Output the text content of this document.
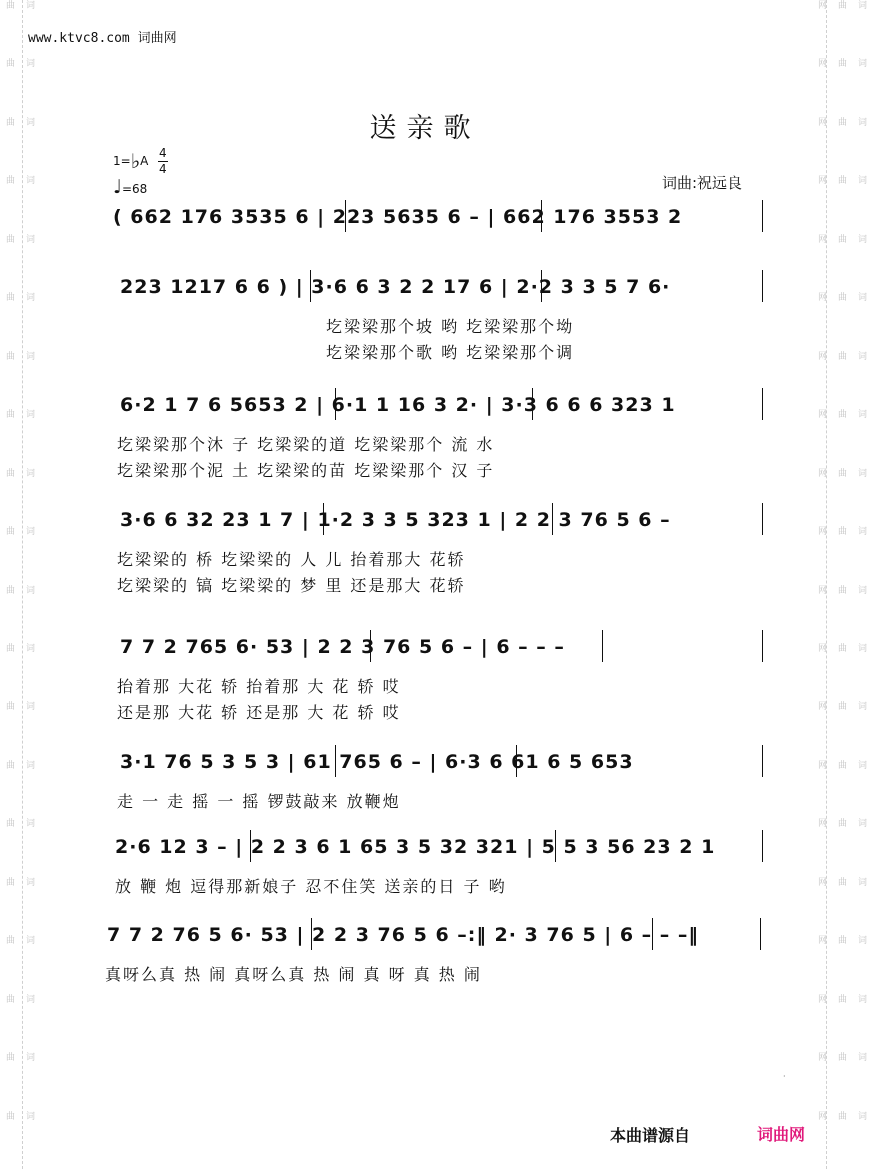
词曲
词曲
词曲
词曲
词曲
词曲
词曲
词曲
词曲
词曲
词曲
词曲
词曲
词曲
词曲
词曲
词曲
词曲
词曲
词曲
词曲网
词曲网
词曲网
词曲网
词曲网
词曲网
词曲网
词曲网
词曲网
词曲网
词曲网
词曲网
词曲网
词曲网
词曲网
词曲网
词曲网
词曲网
词曲网
词曲网
www.ktvc8.com 词曲网
送亲歌
1=♭A
4
4
♩=68	词曲:祝远良
( 662 176 3535 6 | 223 5635 6 – | 662 176 3553 2
223 1217 6 6 ) | 3·6 6 3 2 2 17 6 | 2·2 3 3 5 7 6·
圪梁梁那个坡 哟 圪梁梁那个坳
圪梁梁那个歌 哟 圪梁梁那个调
6·2 1 7 6 5653 2 | 6·1 1 16 3 2· | 3·3 6 6 6 323 1
圪梁梁那个沐 子 圪梁梁的道 圪梁梁那个 流 水
圪梁梁那个泥 土 圪梁梁的苗 圪梁梁那个 汉 子
3·6 6 32 23 1 7 | 1·2 3 3 5 323 1 | 2 2 3 76 5 6 –
圪梁梁的 桥 圪梁梁的 人 儿 抬着那大 花轿
圪梁梁的 镐 圪梁梁的 梦 里 还是那大 花轿
7 7 2 765 6· 53 | 2 2 3 76 5 6 – | 6 – – –
抬着那 大花 轿 抬着那 大 花 轿 哎
还是那 大花 轿 还是那 大 花 轿 哎
3·1 76 5 3 5 3 | 61 765 6 – | 6·3 6 61 6 5 653
走 一 走 摇 一 摇 锣鼓敲来 放鞭炮
2·6 12 3 – | 2 2 3 6 1 65 3 5 32 321 | 5 5 3 56 23 2 1
放 鞭 炮 逗得那新娘子 忍不住笑 送亲的日 子 哟
7 7 2 76 5 6· 53 | 2 2 3 76 5 6 –:‖ 2· 3 76 5 | 6 – – –‖
真呀么真 热 闹 真呀么真 热 闹 真 呀 真 热 闹
·
本曲谱源自	词曲网
